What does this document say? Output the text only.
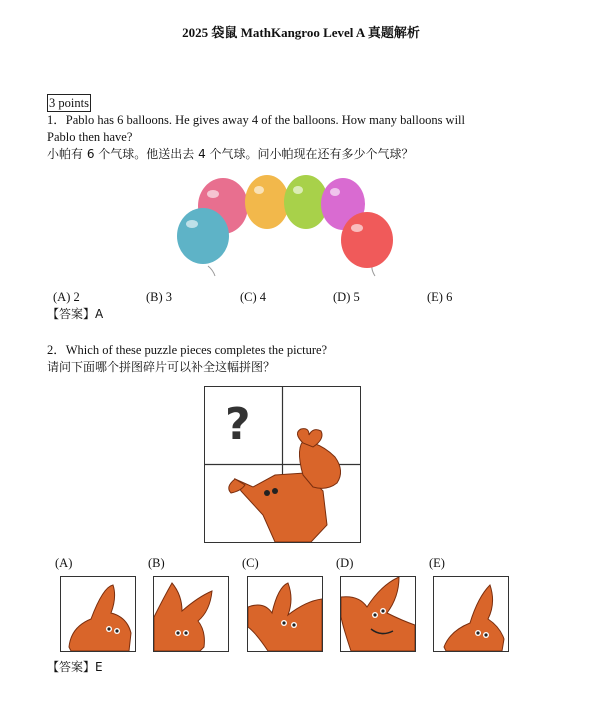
2025 袋鼠 MathKangroo Level A 真题解析
3 points
1．Pablo has 6 balloons. He gives away 4 of the balloons. How many balloons will
Pablo then have?
小帕有 6 个气球。他送出去 4 个气球。问小帕现在还有多少个气球？
(A) 2	(B) 3	(C) 4	(D) 5	(E) 6
【答案】A
2．Which of these puzzle pieces completes the picture?
请问下面哪个拼图碎片可以补全这幅拼图？
?
(A)	(B)	(C)	(D)	(E)
【答案】E
